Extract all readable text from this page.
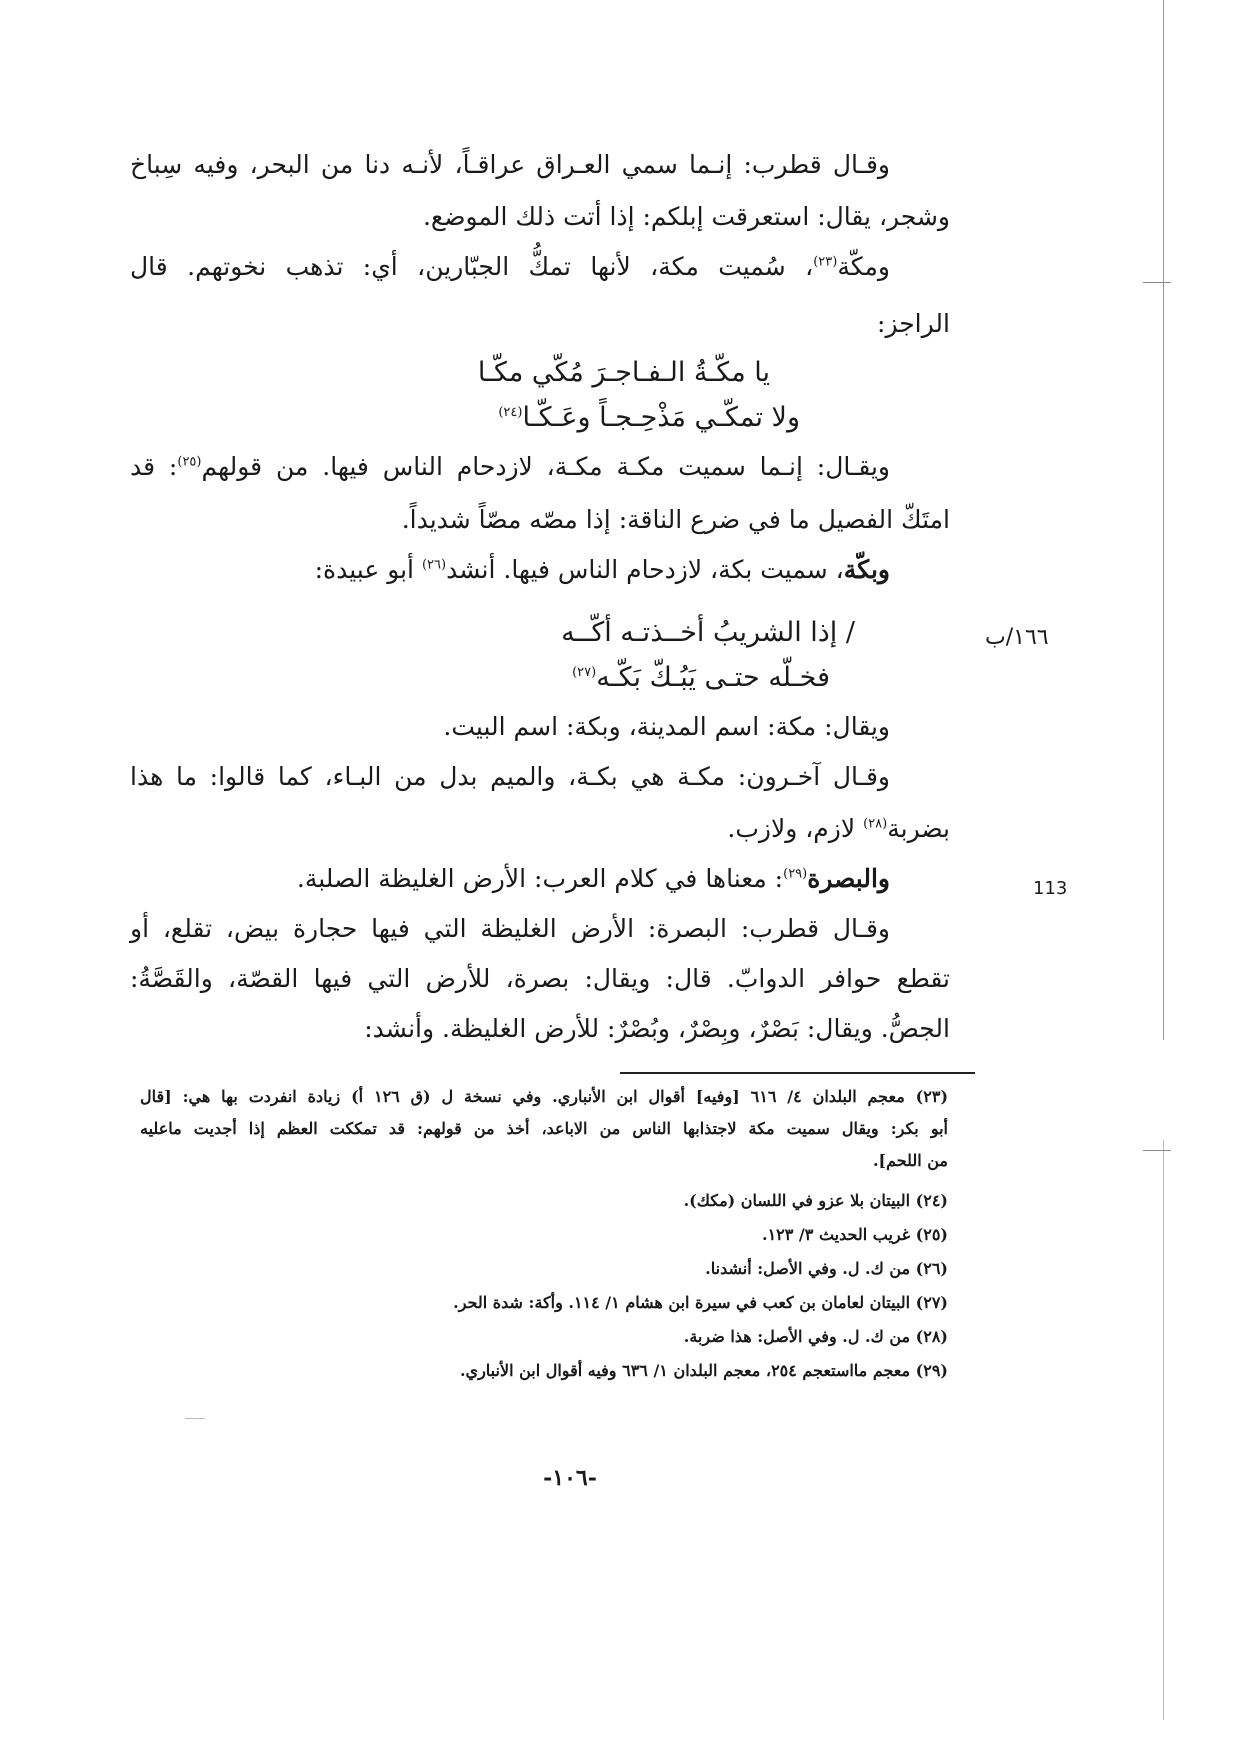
وقـال قطرب: إنـما سمي العـراق عراقـاً، لأنـه دنا من البحر، وفيه سِباخ
وشجر، يقال: استعرقت إبلكم: إذا أتت ذلك الموضع.
ومكّة$^{(٢٣)}$، سُميت مكة، لأنها تمكُّ الجبّارين، أي: تذهب نخوتهم. قال
الراجز:
يا مكّـةُ الـفـاجـرَ مُكّي مكّـا
ولا تمكّـي مَذْحِـجـاً وعَـكّـا$^{(٢٤)}$
ويقـال: إنـما سميت مكـة مكـة، لازدحام الناس فيها. من قولهم$^{(٢٥)}$: قد
امتَكّ الفصيل ما في ضرع الناقة: إذا مصّه مصّاً شديداً.
وبكّة، سميت بكة، لازدحام الناس فيها. أنشد$^{(٢٦)}$ أبو عبيدة:
/ إذا الشريبُ أخــذتـه أكّــه
فخـلّه حتـى يَبُـكّ بَكّـه$^{(٢٧)}$
ويقال: مكة: اسم المدينة، وبكة: اسم البيت.
وقـال آخـرون: مكـة هي بكـة، والميم بدل من البـاء، كما قالوا: ما هذا
بضربة$^{(٢٨)}$ لازم، ولازب.
والبصرة$^{(٢٩)}$: معناها في كلام العرب: الأرض الغليظة الصلبة.
وقـال قطرب: البصرة: الأرض الغليظة التي فيها حجارة بيض، تقلع، أو
تقطع حوافر الدوابّ. قال: ويقال: بصرة، للأرض التي فيها القصّة، والقَصَّةُ:
الجصُّ. ويقال: بَصْرٌ، وبِصْرٌ، وبُصْرٌ: للأرض الغليظة. وأنشد:
١٦٦/ب
113
(٢٣) معجم البلدان ٤/ ٦١٦ [وفيه] أقوال ابن الأنباري. وفي نسخة ل (ق ١٢٦ أ) زيادة انفردت بها هي: [قال
أبو بكر: ويقال سميت مكة لاجتذابها الناس من الاباعد، أخذ من قولهم: قد تمككت العظم إذا أجديت ماعليه
من اللحم].
(٢٤) البيتان بلا عزو في اللسان (مكك).
(٢٥) غريب الحديث ٣/ ١٢٣.
(٢٦) من ك. ل. وفي الأصل: أنشدنا.
(٢٧) البيتان لعامان بن كعب في سيرة ابن هشام ١/ ١١٤. وأكة: شدة الحر.
(٢٨) من ك. ل. وفي الأصل: هذا ضربة.
(٢٩) معجم مااستعجم ٢٥٤، معجم البلدان ١/ ٦٣٦ وفيه أقوال ابن الأنباري.
-١٠٦-
